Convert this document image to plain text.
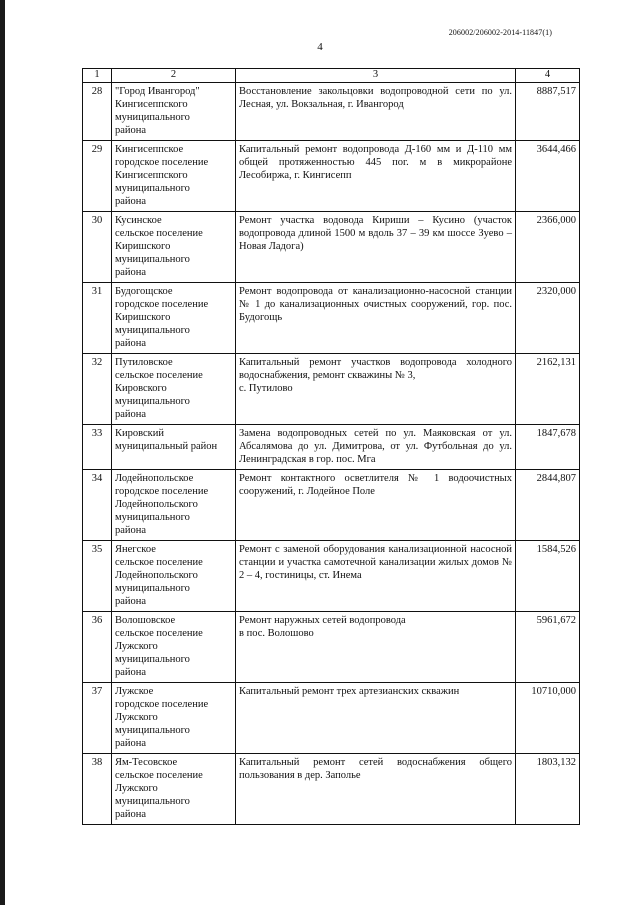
206002/206002-2014-11847(1)
4
1	2	3	4

28	"Город Ивангород"
Кингисеппского
муниципального
района	Восстановление закольцовки водопроводной сети по ул. Лесная, ул. Вокзальная, г. Ивангород	8887,517

29	Кингисеппское
городское поселение
Кингисеппского
муниципального
района	Капитальный ремонт водопровода Д-160 мм и Д-110 мм общей протяженностью 445 пог. м в микрорайоне Лесобиржа, г. Кингисепп	3644,466

30	Кусинское
сельское поселение
Киришского
муниципального
района	Ремонт участка водовода Кириши – Кусино (участок водопровода длиной 1500 м вдоль 37 – 39 км шоссе Зуево – Новая Ладога)	2366,000

31	Будогощское
городское поселение
Киришского
муниципального
района	Ремонт водопровода от канализационно-насосной станции № 1 до канализационных очистных сооружений, гор. пос. Будогощь	2320,000

32	Путиловское
сельское поселение
Кировского
муниципального
района	Капитальный ремонт участков водопровода холодного водоснабжения, ремонт скважины № 3,
с. Путилово	2162,131

33	Кировский
муниципальный район	Замена водопроводных сетей по ул. Маяковская от ул. Абсалямова до ул. Димитрова, от ул. Футбольная до ул. Ленинградская в гор. пос. Мга	1847,678

34	Лодейнопольское
городское поселение
Лодейнопольского
муниципального
района	Ремонт контактного осветлителя № 1 водоочистных сооружений, г. Лодейное Поле	2844,807

35	Янегское
сельское поселение
Лодейнопольского
муниципального
района	Ремонт с заменой оборудования канализационной насосной станции и участка самотечной канализации жилых домов № 2 – 4, гостиницы, ст. Инема	1584,526

36	Волошовское
сельское поселение
Лужского
муниципального
района	Ремонт наружных сетей водопровода
в пос. Волошово	5961,672

37	Лужское
городское поселение
Лужского
муниципального
района	Капитальный ремонт трех артезианских скважин	10710,000

38	Ям-Тесовское
сельское поселение
Лужского
муниципального
района	Капитальный ремонт сетей водоснабжения общего пользования в дер. Заполье	1803,132
